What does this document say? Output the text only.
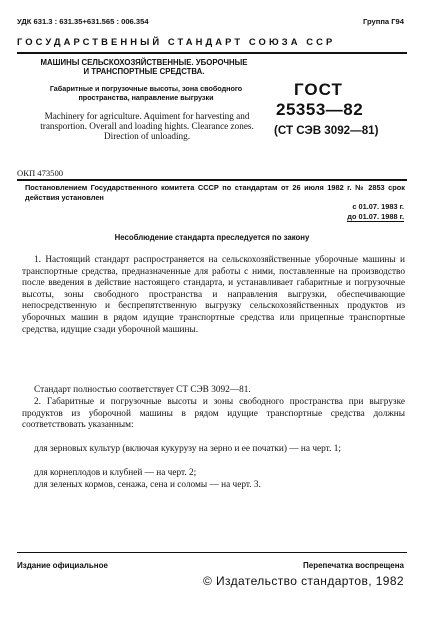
УДК 631.3 : 631.35+631.565 : 006.354	Группа Г94
ГОСУДАРСТВЕННЫЙ СТАНДАРТ СОЮЗА ССР
МАШИНЫ СЕЛЬСКОХОЗЯЙСТВЕННЫЕ. УБОРОЧНЫЕ И ТРАНСПОРТНЫЕ СРЕДСТВА.
Габаритные и погрузочные высоты, зона свободного пространства, направление выгрузки
Machinery for agriculture. Aquiment for harvesting and transportion. Overall and loading hights. Clearance zones. Direction of unloading.
ГОСТ
25353—82
(СТ СЭВ 3092—81)
ОКП 473500
Постановлением Государственного комитета СССР по стандартам от 26 июля 1982 г. № 2853 срок действия установлен
с 01.07. 1983 г.
до 01.07. 1988 г.
Несоблюдение стандарта преследуется по закону
1. Настоящий стандарт распространяется на сельскохозяйственные уборочные машины и транспортные средства, предназначенные для работы с ними, поставленные на производство после введения в действие настоящего стандарта, и устанавливает габаритные и погрузочные высоты, зоны свободного пространства и направления выгрузки, обеспечивающие непосредственную и беспрепятственную выгрузку сельскохозяйственных продуктов из уборочных машин в рядом идущие транспортные средства или прицепные транспортные средства, идущие сзади уборочной машины.
Стандарт полностью соответствует СТ СЭВ 3092—81.
2. Габаритные и погрузочные высоты и зоны свободного пространства при выгрузке продуктов из уборочной машины в рядом идущие транспортные средства должны соответствовать указанным:
для зерновых культур (включая кукурузу на зерно и ее початки) — на черт. 1;
для корнеплодов и клубней — на черт. 2;
для зеленых кормов, сенажа, сена и соломы — на черт. 3.
Издание официальное	Перепечатка воспрещена
© Издательство стандартов, 1982
